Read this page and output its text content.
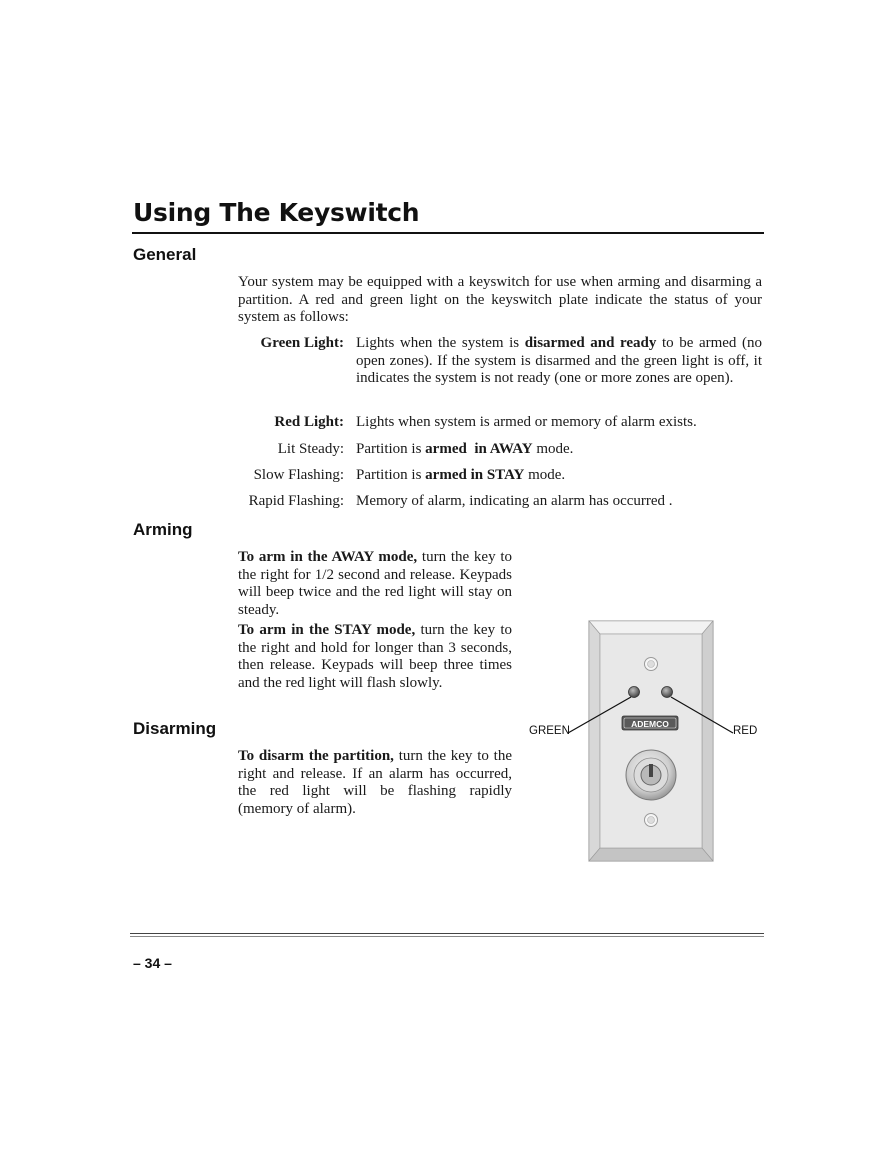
Using The Keyswitch
General
Your system may be equipped with a keyswitch for use when arming and disarming a partition. A red and green light on the keyswitch plate indicate the status of your system as follows:
Green Light: Lights when the system is disarmed and ready to be armed (no open zones). If the system is disarmed and the green light is off, it indicates the system is not ready (one or more zones are open).
Red Light: Lights when system is armed or memory of alarm exists.
Lit Steady: Partition is armed  in AWAY mode.
Slow Flashing: Partition is armed in STAY mode.
Rapid Flashing: Memory of alarm, indicating an alarm has occurred .
Arming

To arm in the AWAY mode, turn the key to the right for 1/2 second and release. Keypads will beep twice and the red light will stay on steady.

To arm in the STAY mode, turn the key to the right and hold for longer than 3 seconds, then release. Keypads will beep three times and the red light will flash slowly.

Disarming
To disarm the partition, turn the key to the right and release. If an alarm has occurred, the red light will be flashing rapidly (memory of alarm).
ADEMCO
GREEN	RED
– 34 –
